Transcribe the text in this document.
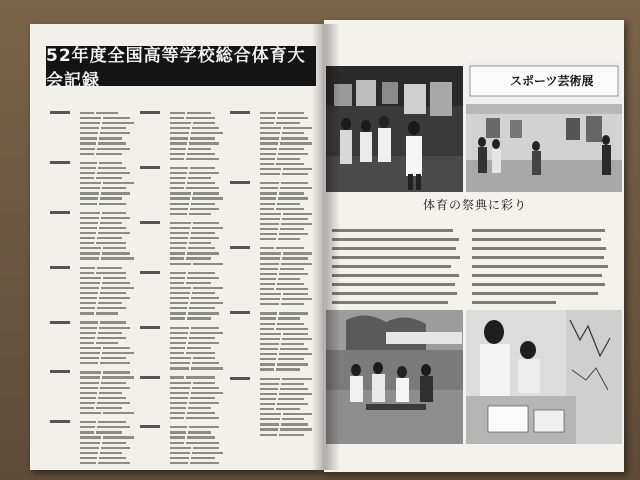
52年度全国高等学校総合体育大会記録	スポーツ芸術展
体育の祭典に彩り
